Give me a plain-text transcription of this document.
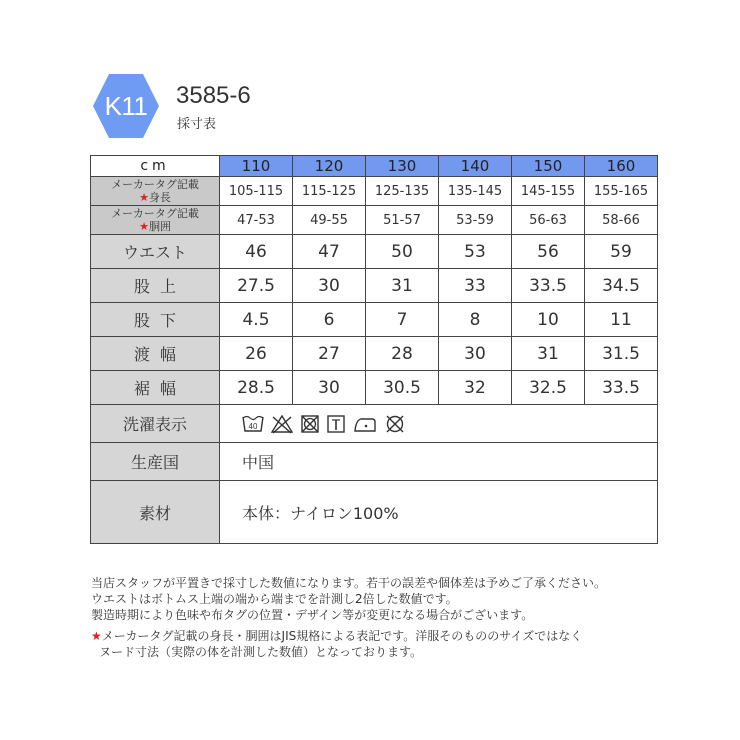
K11	3585-6
採寸表
cm	110	120	130	140	150	160

メーカータグ記載
★身長	105-115	115-125	125-135	135-145	145-155	155-165

メーカータグ記載
★胴囲	47-53	49-55	51-57	53-59	56-63	58-66
ウエスト	46	47	50	53	56	59
股上	27.5	30	31	33	33.5	34.5
股下	4.5	6	7	8	10	11
渡幅	26	27	28	30	31	31.5
裾幅	28.5	30	30.5	32	32.5	33.5
洗濯表示	40					

生産国	中国					
素材	本体：ナイロン100%					
当店スタッフが平置きで採寸した数値になります。若干の誤差や個体差は予めご了承ください。
ウエストはボトムス上端の端から端までを計測し2倍した数値です。
製造時期により色味や布タグの位置・デザイン等が変更になる場合がございます。
★メーカータグ記載の身長・胴囲はJIS規格による表記です。洋服そのもののサイズではなく
ヌード寸法（実際の体を計測した数値）となっております。
